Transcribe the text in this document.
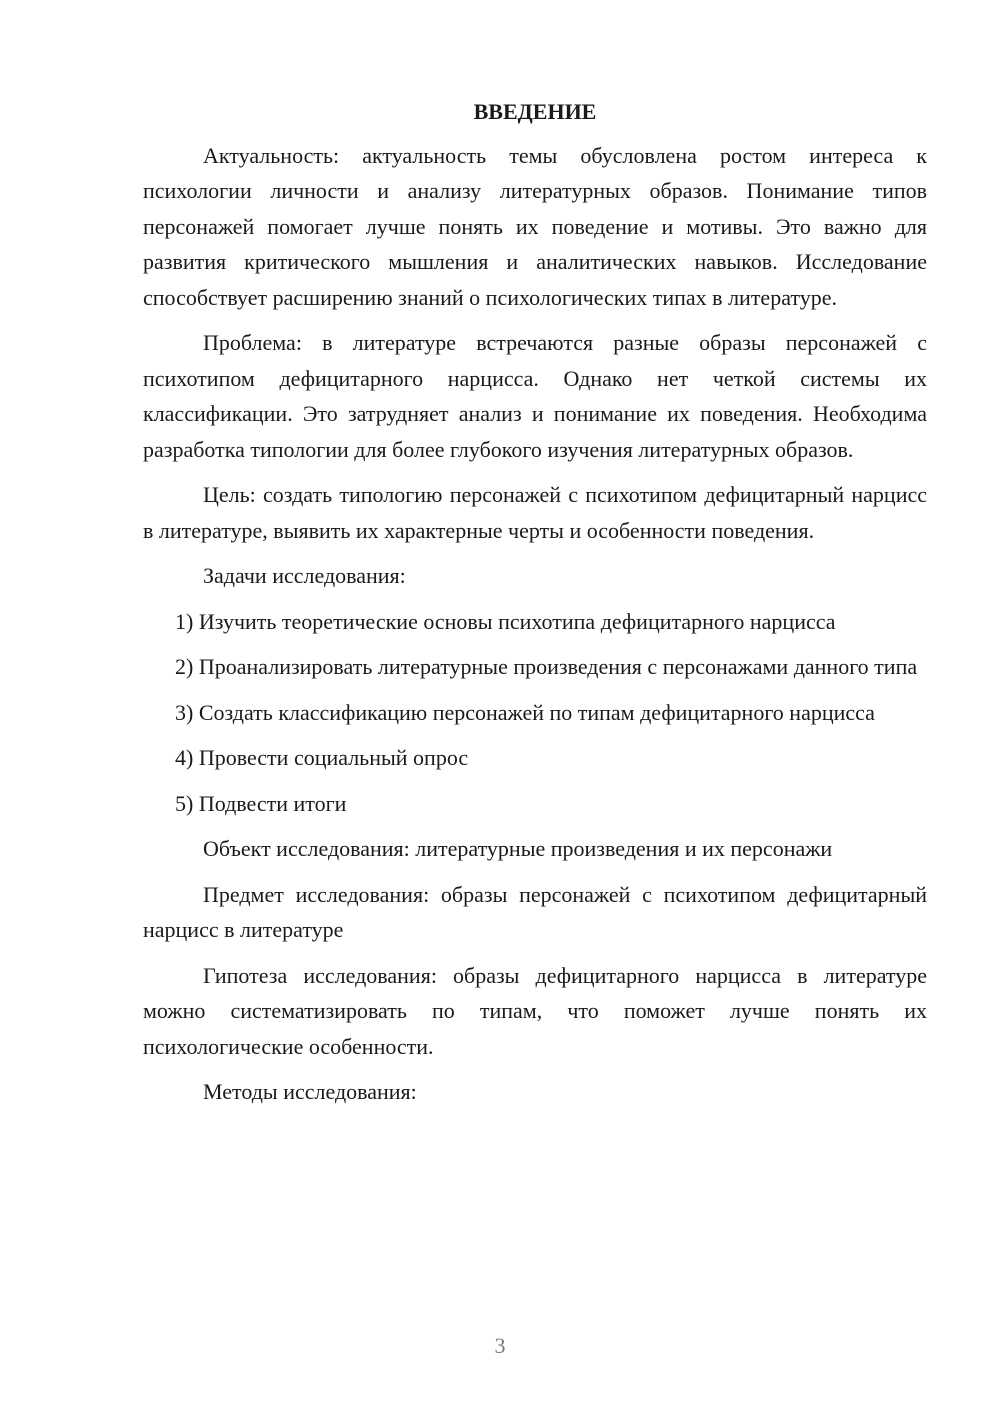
ВВЕДЕНИЕ

Актуальность: актуальность темы обусловлена ростом интереса к психологии личности и анализу литературных образов. Понимание типов персонажей помогает лучше понять их поведение и мотивы. Это важно для развития критического мышления и аналитических навыков. Исследование способствует расширению знаний о психологических типах в литературе.

Проблема: в литературе встречаются разные образы персонажей с психотипом дефицитарного нарцисса. Однако нет четкой системы их классификации. Это затрудняет анализ и понимание их поведения. Необходима разработка типологии для более глубокого изучения литературных образов.

Цель: создать типологию персонажей с психотипом дефицитарный нарцисс в литературе, выявить их характерные черты и особенности поведения.

Задачи исследования:

1) Изучить теоретические основы психотипа дефицитарного нарцисса

2) Проанализировать литературные произведения с персонажами данного типа

3) Создать классификацию персонажей по типам дефицитарного нарцисса

4) Провести социальный опрос

5) Подвести итоги

Объект исследования: литературные произведения и их персонажи

Предмет исследования: образы персонажей с психотипом дефицитарный нарцисс в литературе

Гипотеза исследования: образы дефицитарного нарцисса в литературе можно систематизировать по типам, что поможет лучше понять их психологические особенности.

Методы исследования:

3
